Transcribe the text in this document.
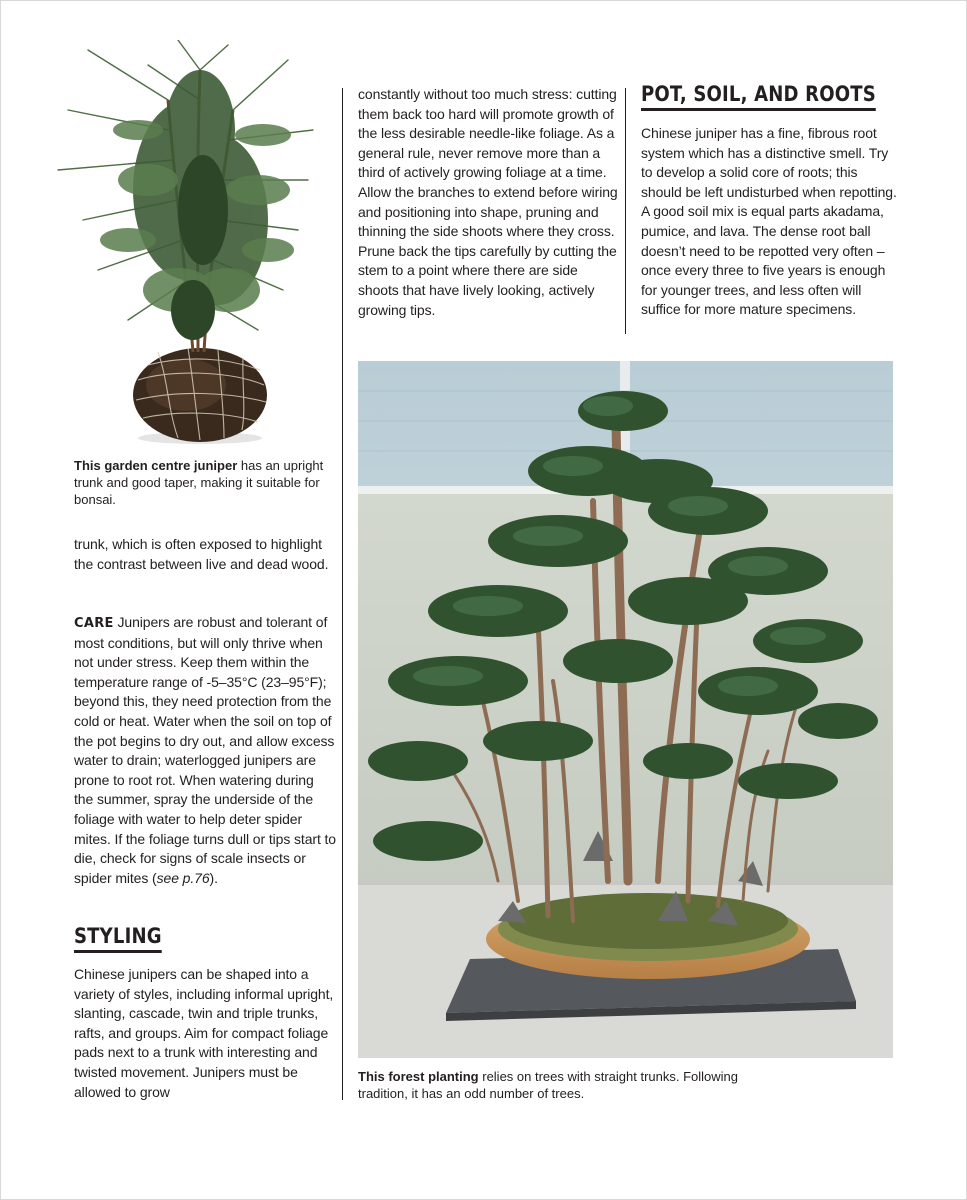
This garden centre juniper has an upright trunk and good taper, making it suitable for bonsai.

trunk, which is often exposed to highlight the contrast between live and dead wood.

CARE Junipers are robust and tolerant of most conditions, but will only thrive when not under stress. Keep them within the temperature range of -5–35°C (23–95°F); beyond this, they need protection from the cold or heat. Water when the soil on top of the pot begins to dry out, and allow excess water to drain; waterlogged junipers are prone to root rot. When watering during the summer, spray the underside of the foliage with water to help deter spider mites. If the foliage turns dull or tips start to die, check for signs of scale insects or spider mites (see p.76).

STYLING

Chinese junipers can be shaped into a variety of styles, including informal upright, slanting, cascade, twin and triple trunks, rafts, and groups. Aim for compact foliage pads next to a trunk with interesting and twisted movement. Junipers must be allowed to grow

constantly without too much stress: cutting them back too hard will promote growth of the less desirable needle-like foliage. As a general rule, never remove more than a third of actively growing foliage at a time. Allow the branches to extend before wiring and positioning into shape, pruning and thinning the side shoots where they cross. Prune back the tips carefully by cutting the stem to a point where there are side shoots that have lively looking, actively growing tips.

POT, SOIL, AND ROOTS

Chinese juniper has a fine, fibrous root system which has a distinctive smell. Try to develop a solid core of roots; this should be left undisturbed when repotting. A good soil mix is equal parts akadama, pumice, and lava. The dense root ball doesn’t need to be repotted very often – once every three to five years is enough for younger trees, and less often will suffice for more mature specimens.

This forest planting relies on trees with straight trunks. Following tradition, it has an odd number of trees.
